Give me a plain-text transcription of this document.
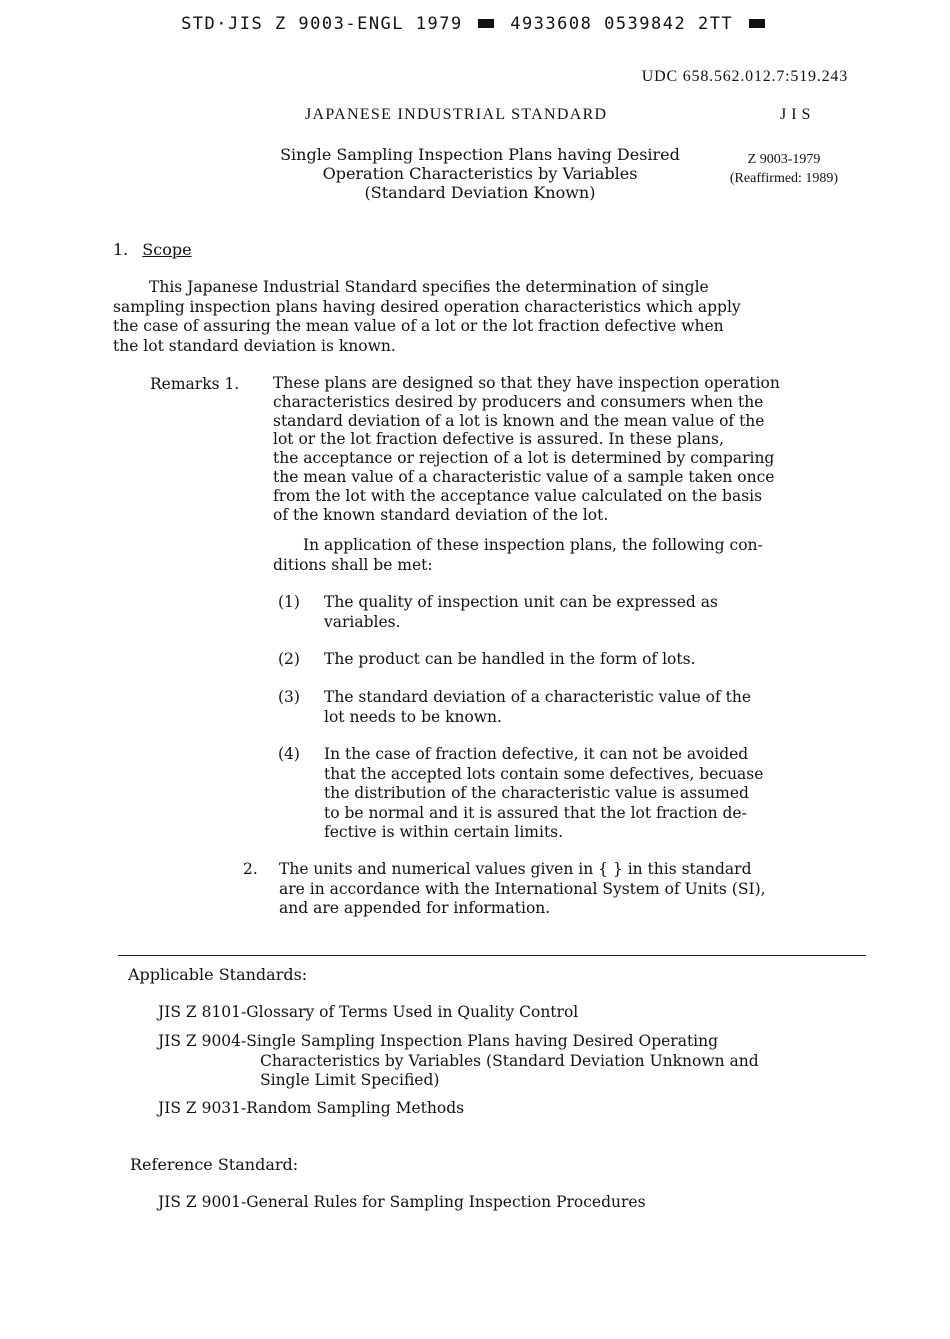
STD·JIS Z 9003-ENGL 1979	4933608 0539842 2TT
UDC 658.562.012.7:519.243
JAPANESE INDUSTRIAL STANDARD	JIS
Single Sampling Inspection Plans having Desired
Operation Characteristics by Variables
(Standard Deviation Known)
Z 9003-1979
(Reaffirmed: 1989)
1. Scope
This Japanese Industrial Standard specifies the determination of single
sampling inspection plans having desired operation characteristics which apply
the case of assuring the mean value of a lot or the lot fraction defective when
the lot standard deviation is known.
Remarks 1. These plans are designed so that they have inspection operation
characteristics desired by producers and consumers when the
standard deviation of a lot is known and the mean value of the
lot or the lot fraction defective is assured. In these plans,
the acceptance or rejection of a lot is determined by comparing
the mean value of a characteristic value of a sample taken once
from the lot with the acceptance value calculated on the basis
of the known standard deviation of the lot.
In application of these inspection plans, the following con-
ditions shall be met:
(1) The quality of inspection unit can be expressed as
variables.
(2) The product can be handled in the form of lots.
(3) The standard deviation of a characteristic value of the
lot needs to be known.
(4) In the case of fraction defective, it can not be avoided
that the accepted lots contain some defectives, becuase
the distribution of the characteristic value is assumed
to be normal and it is assured that the lot fraction de-
fective is within certain limits.
2. The units and numerical values given in { } in this standard
are in accordance with the International System of Units (SI),
and are appended for information.
Applicable Standards:
JIS Z 8101-Glossary of Terms Used in Quality Control
JIS Z 9004-Single Sampling Inspection Plans having Desired Operating
Characteristics by Variables (Standard Deviation Unknown and
Single Limit Specified)
JIS Z 9031-Random Sampling Methods
Reference Standard:
JIS Z 9001-General Rules for Sampling Inspection Procedures
